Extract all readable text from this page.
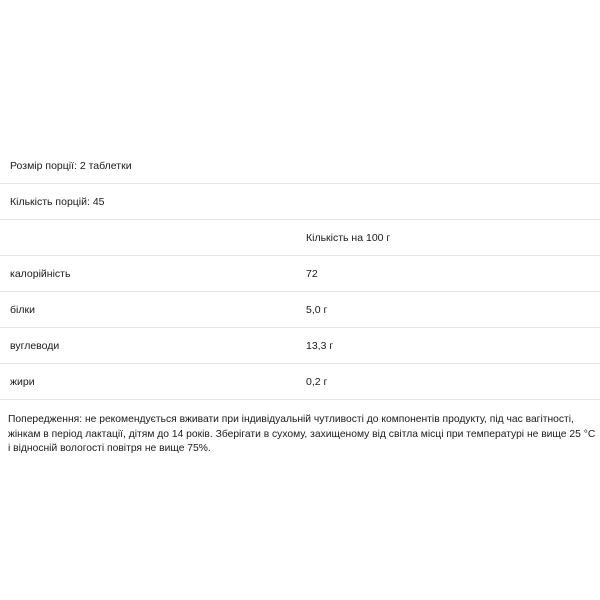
Розмір порції: 2 таблетки
Кількість порцій: 45
Кількість на 100 г
калорійність	72
білки	5,0 г
вуглеводи	13,3 г
жири	0,2 г
Попередження: не рекомендується вживати при індивідуальній чутливості до компонентів продукту, під час вагітності, жінкам в період лактації, дітям до 14 років. Зберігати в сухому, захищеному від світла місці при температурі не вище 25 °С і відносній вологості повітря не вище 75%.
